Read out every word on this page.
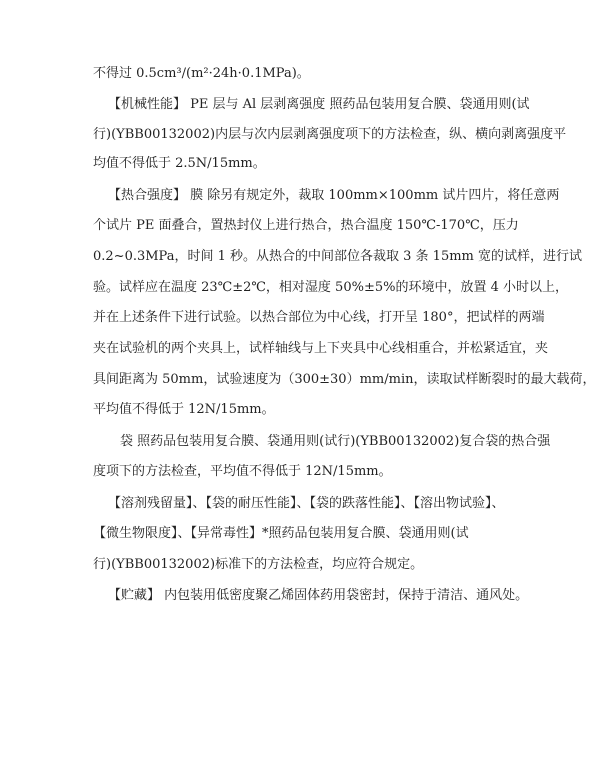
不得过 0.5cm³/(m²·24h·0.1MPa)。
【机械性能】 PE 层与 Al 层剥离强度 照药品包装用复合膜、袋通用则(试
行)(YBB00132002)内层与次内层剥离强度项下的方法检查，纵、横向剥离强度平
均值不得低于 2.5N/15mm。
【热合强度】 膜 除另有规定外，裁取 100mm×100mm 试片四片，将任意两
个试片 PE 面叠合，置热封仪上进行热合，热合温度 150℃-170℃，压力
0.2~0.3MPa，时间 1 秒。从热合的中间部位各裁取 3 条 15mm 宽的试样，进行试
验。试样应在温度 23℃±2℃，相对湿度 50%±5%的环境中，放置 4 小时以上，
并在上述条件下进行试验。以热合部位为中心线，打开呈 180°，把试样的两端
夹在试验机的两个夹具上，试样轴线与上下夹具中心线相重合，并松紧适宜，夹
具间距离为 50mm，试验速度为（300±30）mm/min，读取试样断裂时的最大载荷，
平均值不得低于 12N/15mm。
袋 照药品包装用复合膜、袋通用则(试行)(YBB00132002)复合袋的热合强
度项下的方法检查，平均值不得低于 12N/15mm。
【溶剂残留量】、【袋的耐压性能】、【袋的跌落性能】、【溶出物试验】、
【微生物限度】、【异常毒性】*照药品包装用复合膜、袋通用则(试
行)(YBB00132002)标准下的方法检查，均应符合规定。
【贮藏】 内包装用低密度聚乙烯固体药用袋密封，保持于清洁、通风处。
